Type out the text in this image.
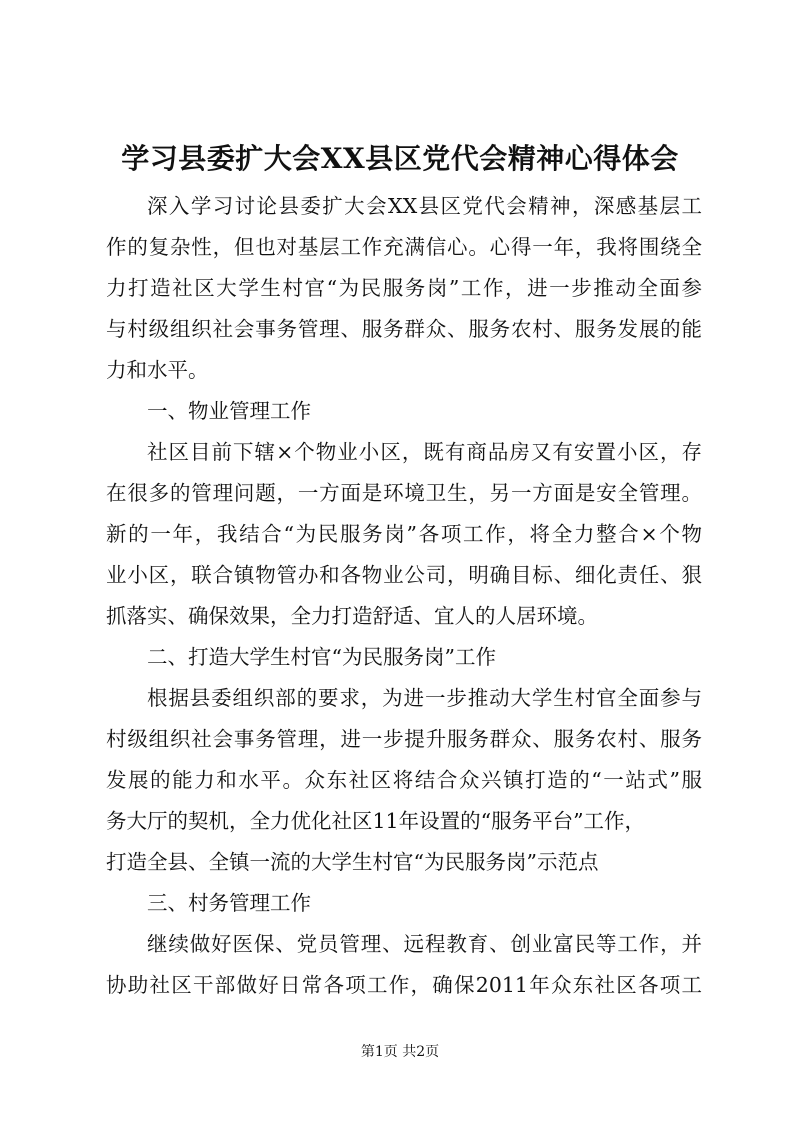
学习县委扩大会XX县区党代会精神心得体会
深入学习讨论县委扩大会XX县区党代会精神，深感基层工
作的复杂性，但也对基层工作充满信心。心得一年，我将围绕全
力打造社区大学生村官“为民服务岗”工作，进一步推动全面参
与村级组织社会事务管理、服务群众、服务农村、服务发展的能
力和水平。
一、物业管理工作
社区目前下辖×个物业小区，既有商品房又有安置小区，存
在很多的管理问题，一方面是环境卫生，另一方面是安全管理。
新的一年，我结合“为民服务岗”各项工作，将全力整合×个物
业小区，联合镇物管办和各物业公司，明确目标、细化责任、狠
抓落实、确保效果，全力打造舒适、宜人的人居环境。
二、打造大学生村官“为民服务岗”工作
根据县委组织部的要求，为进一步推动大学生村官全面参与
村级组织社会事务管理，进一步提升服务群众、服务农村、服务
发展的能力和水平。众东社区将结合众兴镇打造的“一站式”服
务大厅的契机，全力优化社区11年设置的“服务平台”工作，
打造全县、全镇一流的大学生村官“为民服务岗”示范点
三、村务管理工作
继续做好医保、党员管理、远程教育、创业富民等工作，并
协助社区干部做好日常各项工作，确保2011年众东社区各项工
第1页 共2页
